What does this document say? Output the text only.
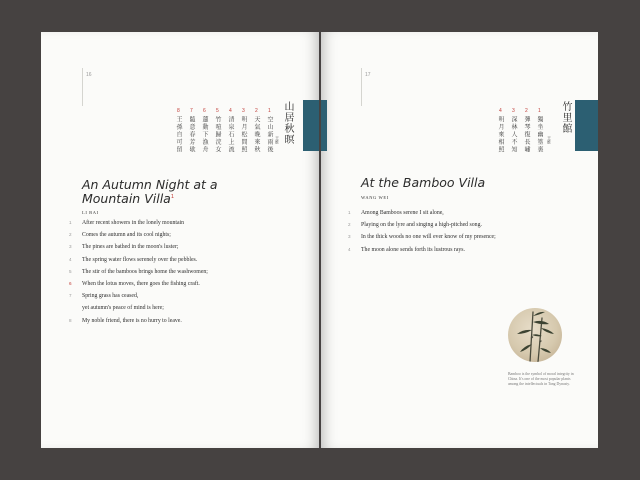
16
8 7 6 5 4 3 2 1
王孫自可留 隨意春芳歇 蓮動下漁舟 竹喧歸浣女 清泉石上流 明月松間照 天氣晚來秋 空山新雨後 王维 山居秋暝
An Autumn Night at a Mountain Villa$^1$
LI BAI
1 After recent showers in the lonely mountain
2 Comes the autumn and its cool nights;
3 The pines are bathed in the moon's luster;
4 The spring water flows serenely over the pebbles.
5 The stir of the bamboos brings home the washwomen;
6 When the lotus moves, there goes the fishing craft.
7 Spring grass has ceased,
yet autumn's peace of mind is here;
8 My noble friend, there is no hurry to leave.
17
4 3 2 1
明月來相照 深林人不知 彈琴復長嘯 獨坐幽篁裏 王维
竹里館
At the Bamboo Villa
WANG WEI
1 Among Bamboos serene I sit alone,
2 Playing on the lyre and singing a high-pitched song.
3 In the thick woods no one will ever know of my presence;
4 The moon alone sends forth its lustrous rays.
Bamboo is the symbol of moral integrity in China. It's one of the most popular plants among the intellectuals in Tang Dynasty.
